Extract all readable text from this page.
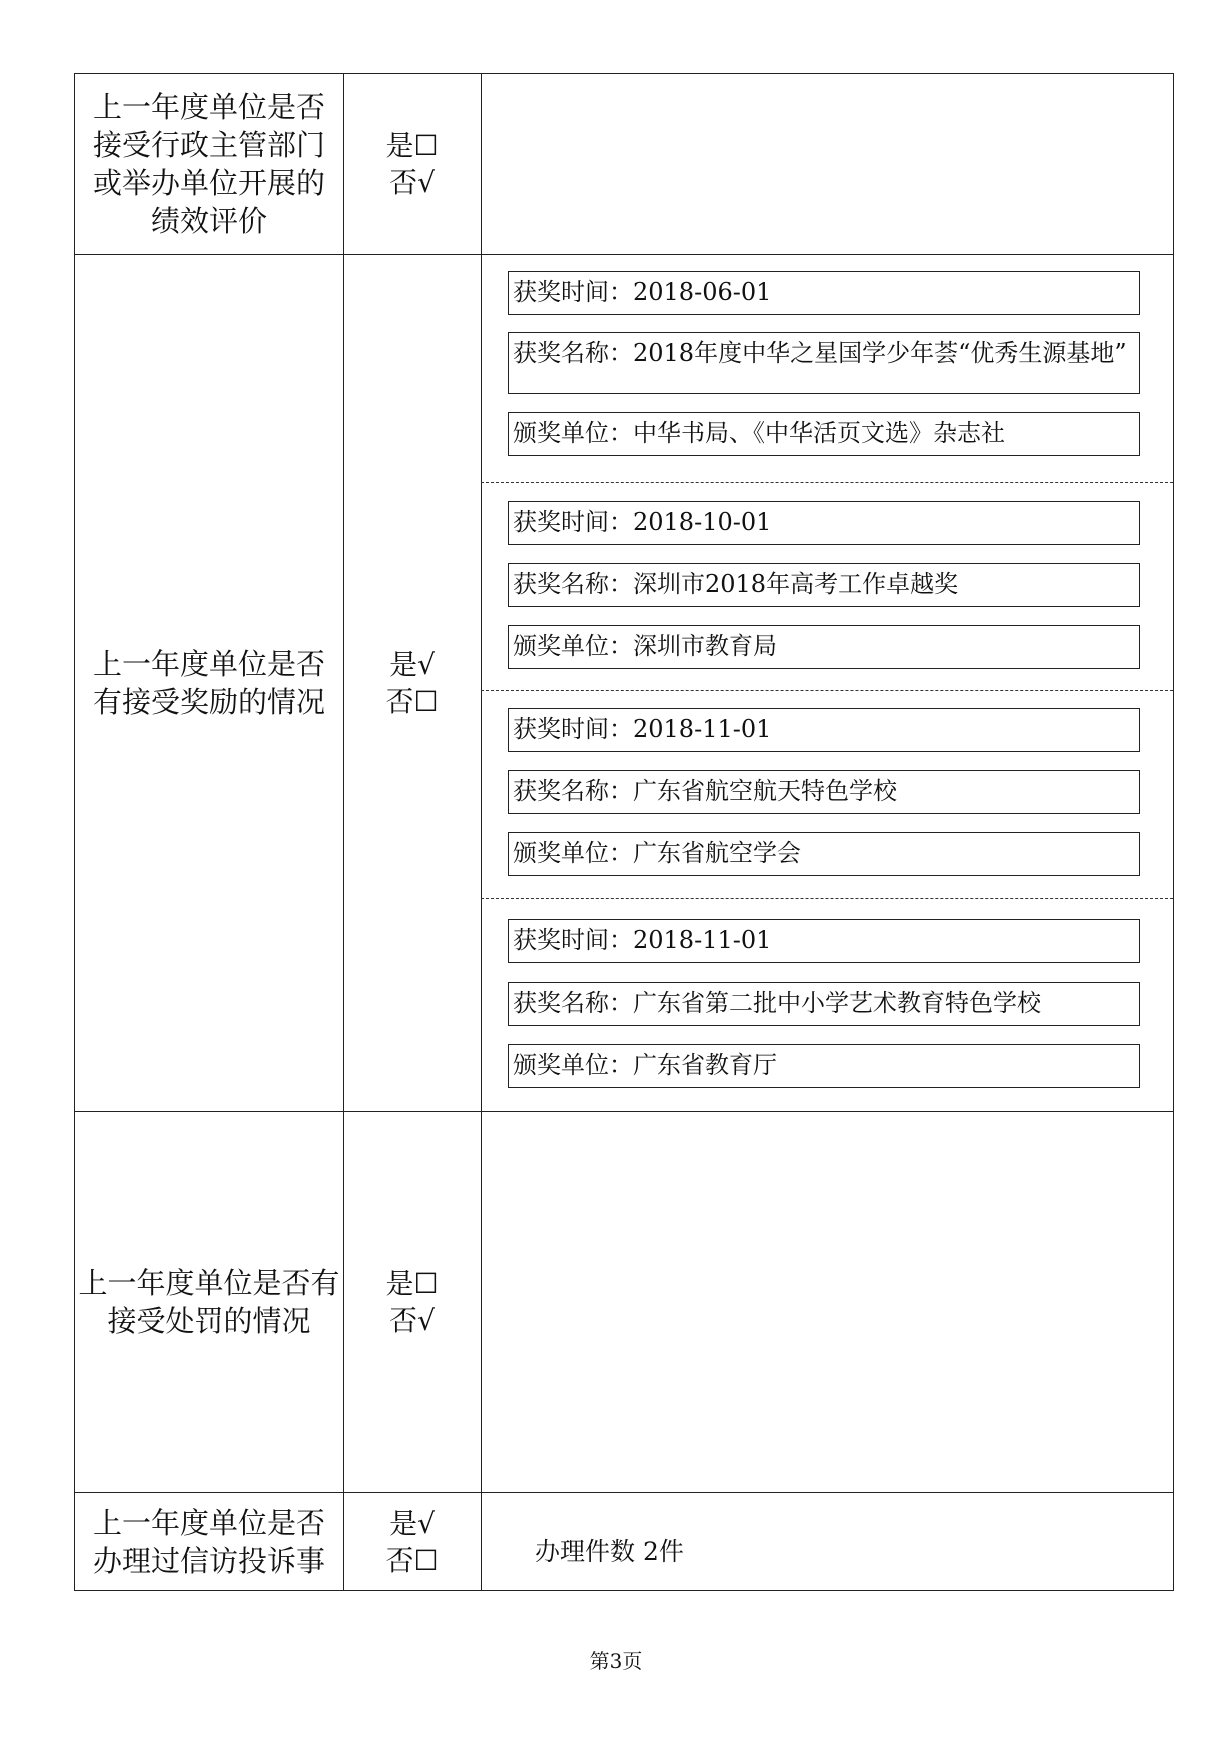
上一年度单位是否接受行政主管部门或举办单位开展的绩效评价
是☐
否√
上一年度单位是否有接受奖励的情况
是√
否☐
获奖时间：2018-06-01
获奖名称：2018年度中华之星国学少年荟“优秀生源基地”
颁奖单位：中华书局、《中华活页文选》杂志社
获奖时间：2018-10-01
获奖名称：深圳市2018年高考工作卓越奖
颁奖单位：深圳市教育局
获奖时间：2018-11-01
获奖名称：广东省航空航天特色学校
颁奖单位：广东省航空学会
获奖时间：2018-11-01
获奖名称：广东省第二批中小学艺术教育特色学校
颁奖单位：广东省教育厅
上一年度单位是否有接受处罚的情况
是☐
否√
上一年度单位是否办理过信访投诉事
是√
否☐	办理件数 2件
第3页
